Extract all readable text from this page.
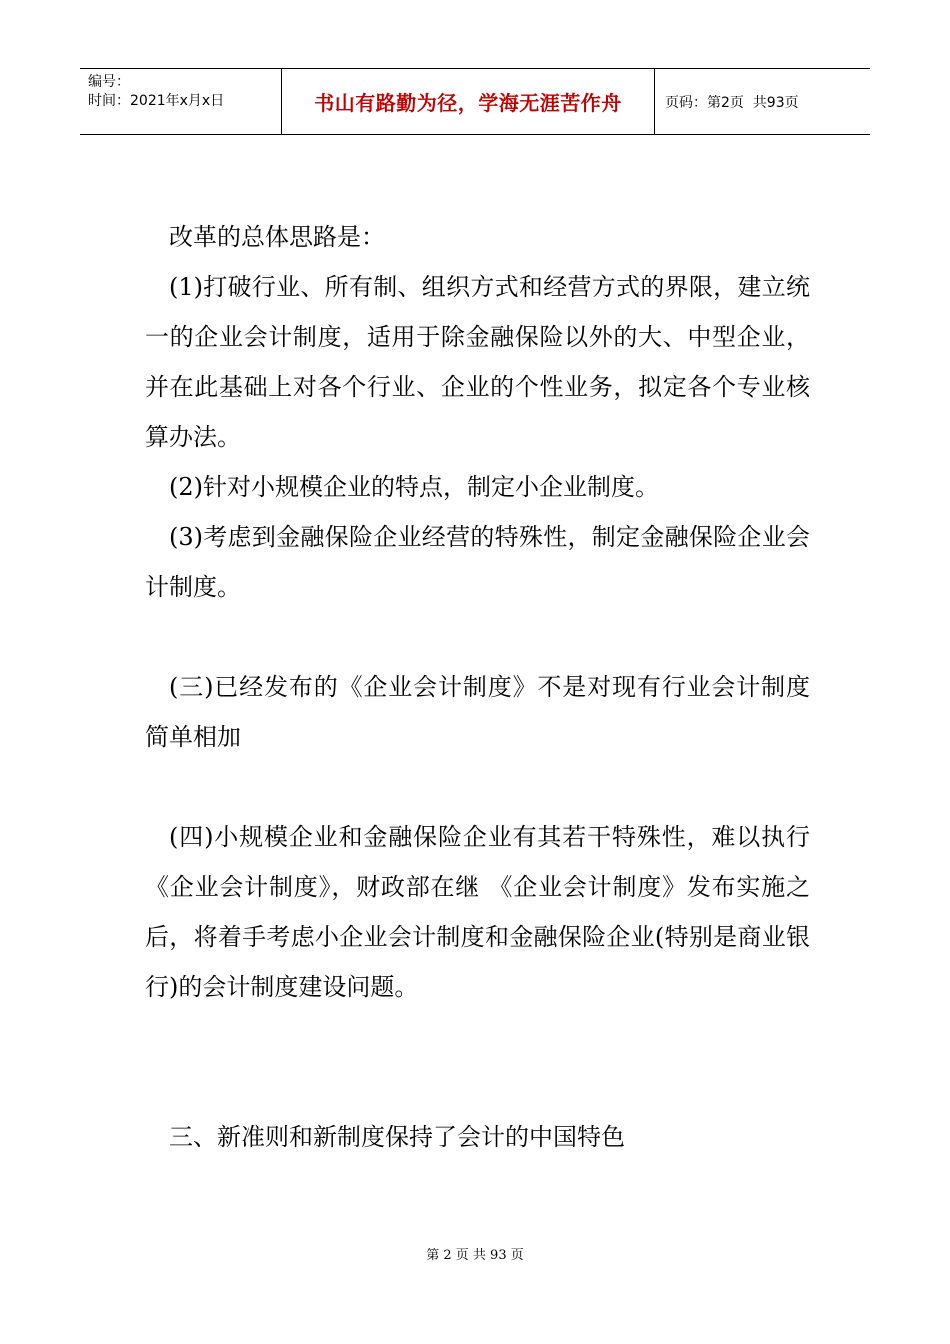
编号：
时间：2021年x月x日	书山有路勤为径，学海无涯苦作舟	页码：第2页  共93页

改革的总体思路是：

(1)打破行业、所有制、组织方式和经营方式的界限，建立统一的企业会计制度，适用于除金融保险以外的大、中型企业，并在此基础上对各个行业、企业的个性业务，拟定各个专业核算办法。

(2)针对小规模企业的特点，制定小企业制度。

(3)考虑到金融保险企业经营的特殊性，制定金融保险企业会计制度。

(三)已经发布的《企业会计制度》不是对现有行业会计制度 简单相加

(四)小规模企业和金融保险企业有其若干特殊性，难以执行《企业会计制度》，财政部在继 《企业会计制度》发布实施之后，将着手考虑小企业会计制度和金融保险企业(特别是商业银行)的会计制度建设问题。

三、新准则和新制度保持了会计的中国特色

第 2 页 共 93 页
